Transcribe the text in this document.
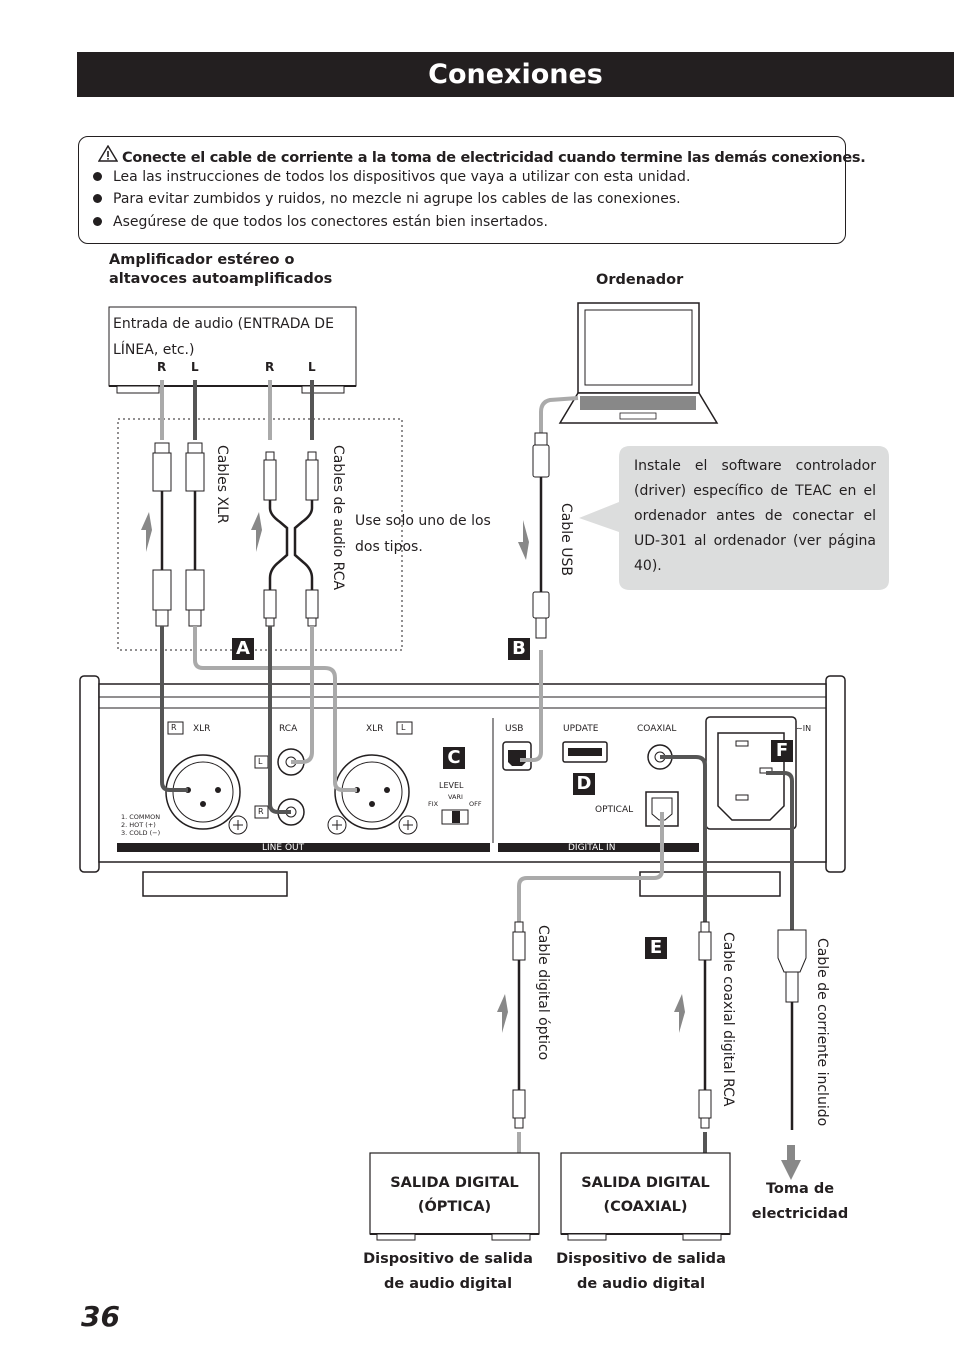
Conexiones
Conecte el cable de corriente a la toma de electricidad cuando termine las demás conexiones.
Lea las instrucciones de todos los dispositivos que vaya a utilizar con esta unidad.
Para evitar zumbidos y ruidos, no mezcle ni agrupe los cables de las conexiones.
Asegúrese de que todos los conectores están bien insertados.
Amplificador estéreo o
altavoces autoamplificados
Entrada de audio (ENTRADA DE
LÍNEA, etc.)
R L	R	L
Ordenador
Cables XLR	Cables de audio RCA	Cable USB
Cable digital óptico	Cable coaxial digital RCA	Cable de corriente incluido
Use solo uno de los
dos tipos.
Instale el software controlador (driver) específico de TEAC en el ordenador antes de conectar el UD-301 al ordenador (ver página 40).
A	B
C
D
E
F
R XLR	RCA	XLR L
L
R
LEVEL
VARI
FIX	OFF
1. COMMON
2. HOT (+)
3. COLD (−)
USB	UPDATE	COAXIAL
OPTICAL
∼IN
LINE OUT	DIGITAL IN
SALIDA DIGITAL
(ÓPTICA)
SALIDA DIGITAL
(COAXIAL)
Dispositivo de salida
de audio digital
Dispositivo de salida
de audio digital
Toma de
electricidad
36
